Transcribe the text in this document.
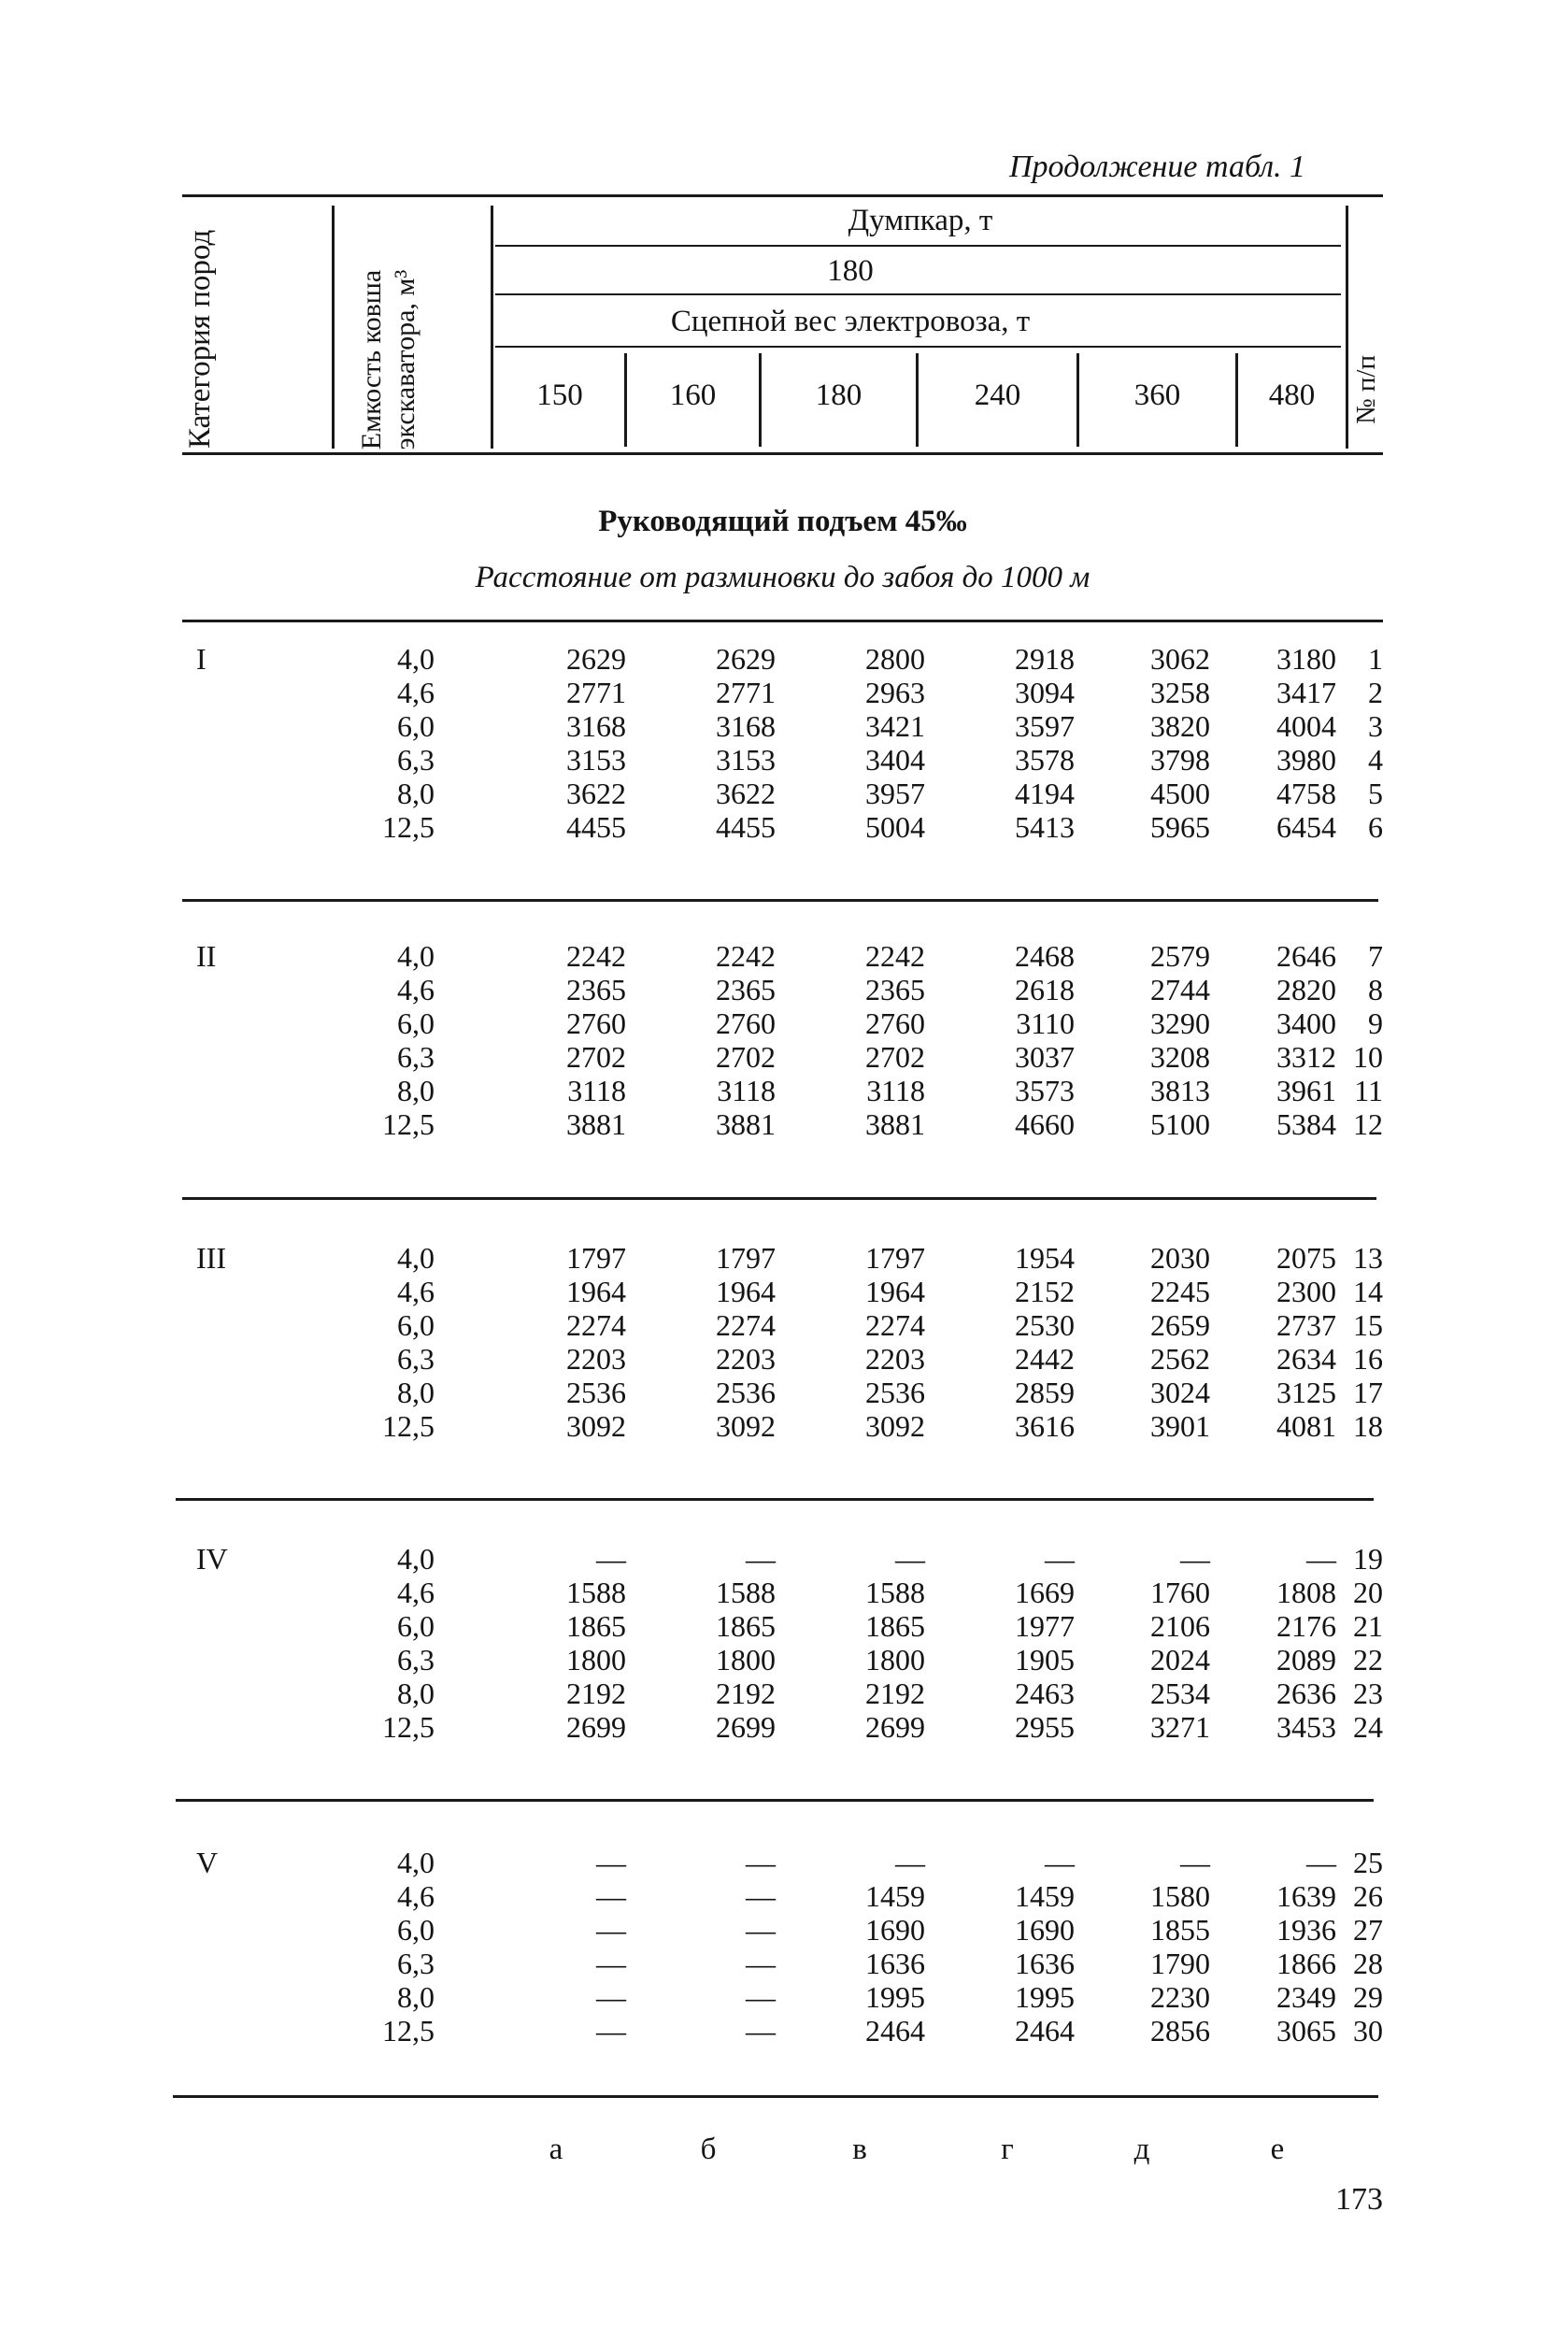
Продолжение табл. 1
Категория пород	Емкость ковша экскаватора, м³
Думпкар, т
180
Сцепной вес электровоза, т
150	160	180	240	360	480	№ п/п
Руководящий подъем 45‰
Расстояние от разминовки до забоя до 1000 м
I	4,0	2629	2629	2800	2918	3062	3180	1
4,6	2771	2771	2963	3094	3258	3417	2
6,0	3168	3168	3421	3597	3820	4004	3
6,3	3153	3153	3404	3578	3798	3980	4
8,0	3622	3622	3957	4194	4500	4758	5
12,5	4455	4455	5004	5413	5965	6454	6
II	4,0	2242	2242	2242	2468	2579	2646	7
4,6	2365	2365	2365	2618	2744	2820	8
6,0	2760	2760	2760	3110	3290	3400	9
6,3	2702	2702	2702	3037	3208	3312 10
8,0	3118	3118	3118	3573	3813	3961 11
12,5	3881	3881	3881	4660	5100	5384 12
III	4,0	1797	1797	1797	1954	2030	2075 13
4,6	1964	1964	1964	2152	2245	2300 14
6,0	2274	2274	2274	2530	2659	2737 15
6,3	2203	2203	2203	2442	2562	2634 16
8,0	2536	2536	2536	2859	3024	3125 17
12,5	3092	3092	3092	3616	3901	4081 18
IV	4,0	—	—	—	—	—	— 19
4,6	1588	1588	1588	1669	1760	1808 20
6,0	1865	1865	1865	1977	2106	2176 21
6,3	1800	1800	1800	1905	2024	2089 22
8,0	2192	2192	2192	2463	2534	2636 23
12,5	2699	2699	2699	2955	3271	3453 24
V	4,0	—	—	—	—	—	— 25
4,6	—	—	1459	1459	1580	1639 26
6,0	—	—	1690	1690	1855	1936 27
6,3	—	—	1636	1636	1790	1866 28
8,0	—	—	1995	1995	2230	2349 29
12,5	—	—	2464	2464	2856	3065 30
а	б	в	г	д	е
173
